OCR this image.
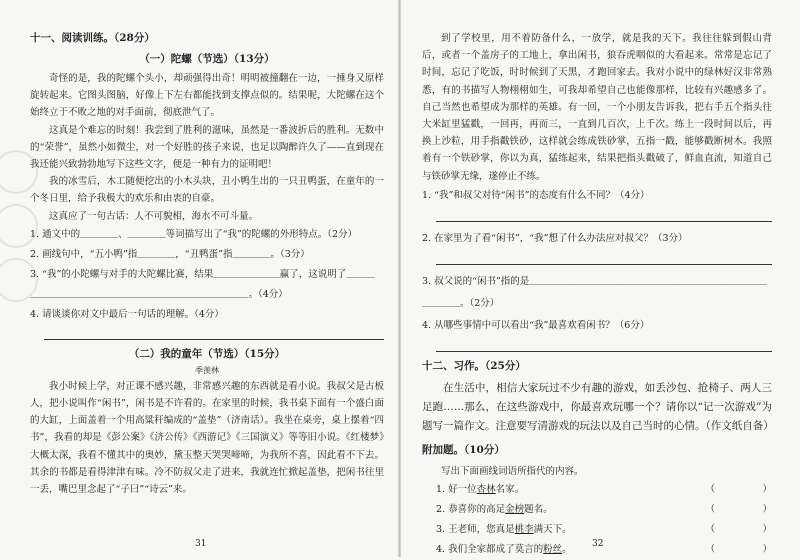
十一、阅读训练。（28分）

（一）陀螺（节选）（13分）

奇怪的是，我的陀螺个头小，却顽强得出奇！明明被撞翻在一边，一捶身又原样旋转起来。它图头图脑，好像上下左右都能找到支撑点似的。结果呢，大陀螺在这个始终立于不败之地的对手面前，彻底泄气了。

这真是个难忘的时刻！我尝到了胜利的滋味，虽然是一番波折后的胜利。无数中的“荣誉”，虽然小如微尘，对一个好胜的孩子来说，也足以陶醉许久了——直到现在我还能兴致勃勃地写下这些文字，便是一种有力的证明吧！

我的冰雪后，木工随便挖出的小木头块，丑小鸭生出的一只丑鸭蛋，在童年的一个冬日里，给予我极大的欢乐和由衷的自豪。

这真应了一句古话：人不可貌相，海水不可斗量。

1. 通文中的＿＿＿＿、＿＿＿＿等词描写出了“我”的陀螺的外形特点。（2分）

2. 画线句中，“五小鸭”指＿＿＿＿，“丑鸭蛋”指＿＿＿＿。（3分）

3. “我”的小陀螺与对手的大陀螺比赛，结果＿＿＿＿＿＿＿赢了，这说明了＿＿＿＿＿＿＿＿＿＿＿＿＿＿＿＿＿＿＿＿＿＿＿＿＿＿。（4分）

4. 请谈谈你对文中最后一句话的理解。（4分）

（二）我的童年（节选）（15分）

季羡林

我小时候上学，对正课不感兴趣，非常感兴趣的东西就是看小说。我叔父是古板人，把小说叫作“闲书”，闲书是不许看的。在家里的时候，我书桌下面有一个盛白面的大缸，上面盖着一个用高粱秆编成的“盖垫”（济南话）。我坐在桌旁，桌上摆着“四书”，我看的却是《彭公案》《济公传》《西游记》《三国演义》等等旧小说。《红楼梦》大概太深，我看不懂其中的奥妙，黛玉整天哭哭啼啼，为我所不喜，因此看不下去。其余的书都是看得津津有味。冷不防叔父走了进来，我就连忙掀起盖垫，把闲书往里一丢，嘴巴里念起了“子曰”“诗云”来。

31

到了学校里，用不着防备什么，一放学，就是我的天下。我往往躲到假山背后，或者一个盖房子的工地上，拿出闲书，狼吞虎咽似的大看起来。常常是忘记了时间，忘记了吃饭，时时候到了天黑，才跑回家去。我对小说中的绿林好汉非常熟悉，有的书描写人物栩栩如生，可我却希望自己也能像那样，比较有兴趣感多了。自己当然也希望成为那样的英雄。有一回，一个小朋友告诉我，把右手五个指头往大米缸里猛戳，一回再，再而三，一直到几百次，上千次。练上一段时间以后，再换上沙粒，用手指戳铁砂，这样就会练成铁砂掌，五指一戳，能够戳断树木。我照着有一个铁砂掌，你以为真，猛练起来，结果把指头戳破了，鲜血直流，知道自己与铁砂掌无缘，遂停止不练。

1. “我”和叔父对待“闲书”的态度有什么不同？（4分）

2. 在家里为了看“闲书”，“我”想了什么办法应对叔父？（3分）

3. 叔父说的“闲书”指的是＿＿＿＿＿＿＿＿＿＿＿＿＿＿＿＿＿＿＿＿＿＿＿＿＿＿＿＿＿。（2分）

4. 从哪些事情中可以看出“我”最喜欢看闲书？（6分）

十二、习作。（25分）

在生活中，相信大家玩过不少有趣的游戏，如丢沙包、抢椅子、两人三足跑……那么，在这些游戏中，你最喜欢玩哪一个？请你以“记一次游戏”为题写一篇作文。注意要写清游戏的玩法以及自己当时的心情。（作文纸自备）

附加题。（10分）

写出下面画线词语所指代的内容。

1. 好一位杏林名家。	（　　　　　）

2. 恭喜你的高足金榜题名。	（　　　　　）

3. 王老师，您真是桃李满天下。	（　　　　　）

4. 我们全家都成了莫言的粉丝。	（　　　　　）

32
